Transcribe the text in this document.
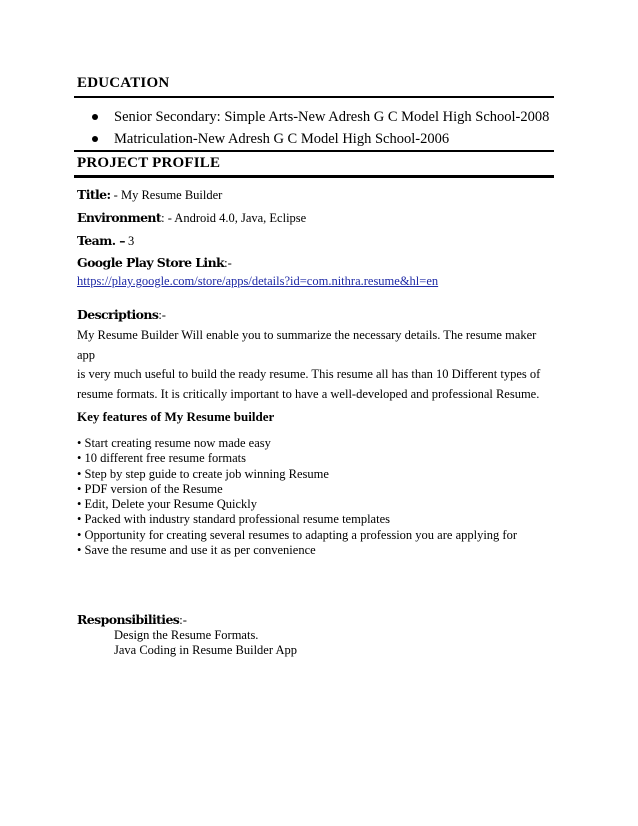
EDUCATION
Senior Secondary: Simple Arts-New Adresh G C Model High School-2008
Matriculation-New Adresh G C Model High School-2006
PROJECT PROFILE
Title: - My Resume Builder
Environment: - Android 4.0, Java, Eclipse
Team. – 3
Google Play Store Link:-
https://play.google.com/store/apps/details?id=com.nithra.resume&hl=en
Descriptions:-
My Resume Builder Will enable you to summarize the necessary details. The resume maker app
is very much useful to build the ready resume. This resume all has than 10 Different types of
resume formats. It is critically important to have a well-developed and professional Resume.
Key features of My Resume builder
• Start creating resume now made easy
• 10 different free resume formats
• Step by step guide to create job winning Resume
• PDF version of the Resume
• Edit, Delete your Resume Quickly
• Packed with industry standard professional resume templates
• Opportunity for creating several resumes to adapting a profession you are applying for
• Save the resume and use it as per convenience
Responsibilities:-
Design the Resume Formats.
Java Coding in Resume Builder App
